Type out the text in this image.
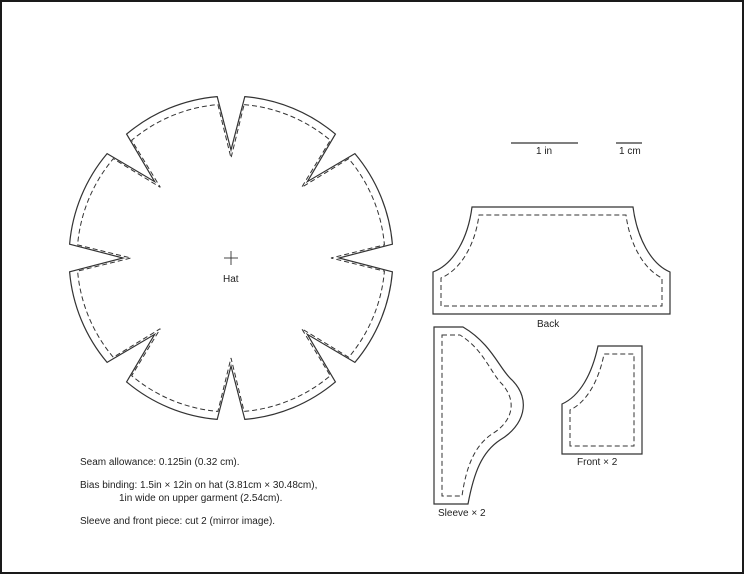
Hat
1 in	1 cm
Back
Front × 2
Sleeve × 2

Seam allowance: 0.125in (0.32 cm).

Bias binding: 1.5in × 12in on hat (3.81cm × 30.48cm),

1in wide on upper garment (2.54cm).

Sleeve and front piece: cut 2 (mirror image).
